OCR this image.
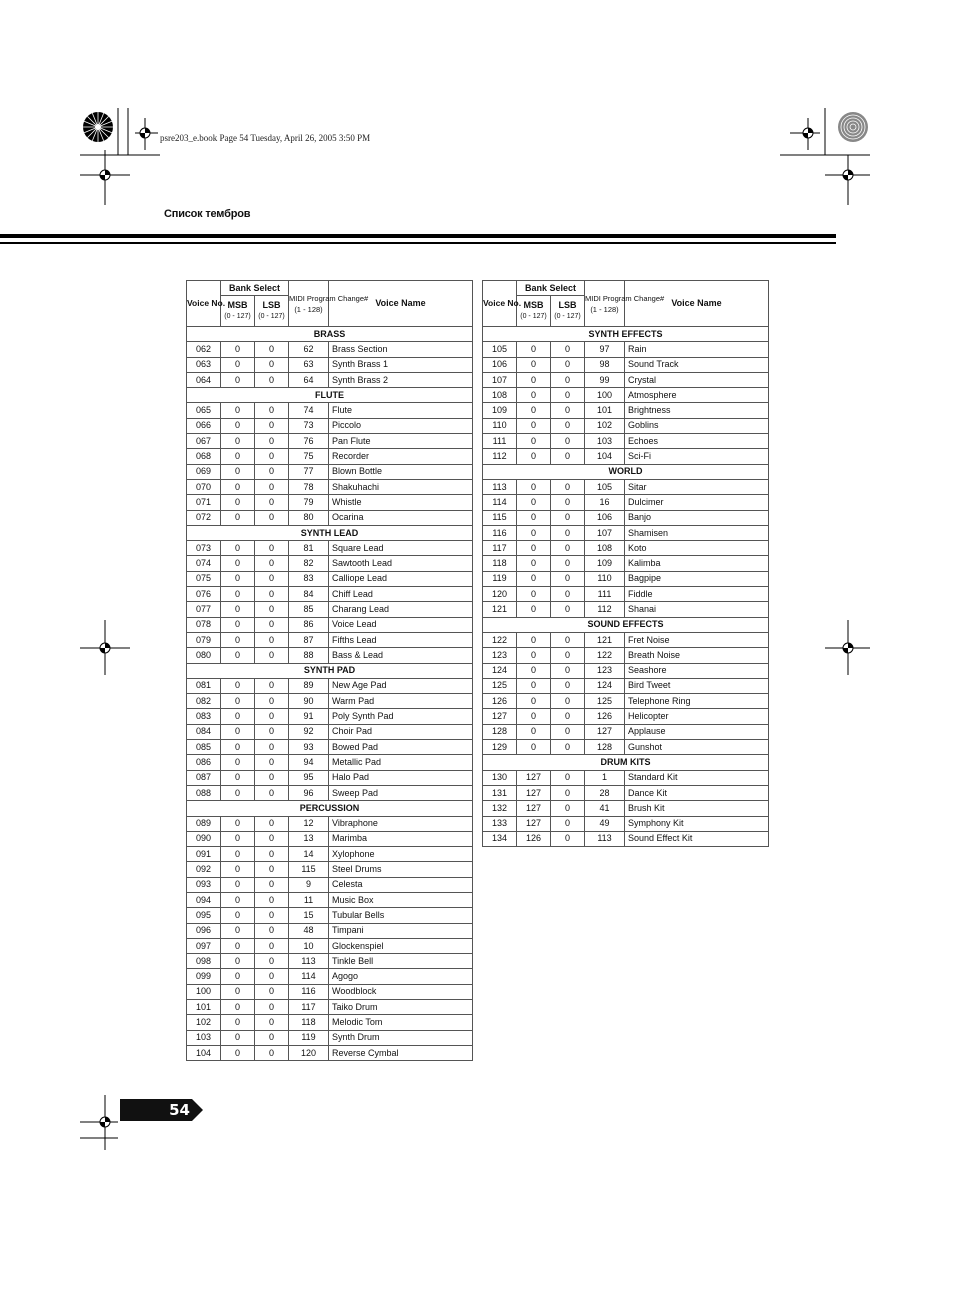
psre203_e.book Page 54 Tuesday, April 26, 2005 3:50 PM
Список тембров
Voice No.	Bank Select		MIDI Program Change#
(1 - 128)	Voice Name
	MSB
(0 - 127)	LSB
(0 - 127)		
BRASS				
062	0	0	62	Brass Section
063	0	0	63	Synth Brass 1
064	0	0	64	Synth Brass 2
FLUTE				
065	0	0	74	Flute
066	0	0	73	Piccolo
067	0	0	76	Pan Flute
068	0	0	75	Recorder
069	0	0	77	Blown Bottle
070	0	0	78	Shakuhachi
071	0	0	79	Whistle
072	0	0	80	Ocarina
SYNTH LEAD				
073	0	0	81	Square Lead
074	0	0	82	Sawtooth Lead
075	0	0	83	Calliope Lead
076	0	0	84	Chiff Lead
077	0	0	85	Charang Lead
078	0	0	86	Voice Lead
079	0	0	87	Fifths Lead
080	0	0	88	Bass & Lead
SYNTH PAD				
081	0	0	89	New Age Pad
082	0	0	90	Warm Pad
083	0	0	91	Poly Synth Pad
084	0	0	92	Choir Pad
085	0	0	93	Bowed Pad
086	0	0	94	Metallic Pad
087	0	0	95	Halo Pad
088	0	0	96	Sweep Pad
PERCUSSION				
089	0	0	12	Vibraphone
090	0	0	13	Marimba
091	0	0	14	Xylophone
092	0	0	115	Steel Drums
093	0	0	9	Celesta
094	0	0	11	Music Box
095	0	0	15	Tubular Bells
096	0	0	48	Timpani
097	0	0	10	Glockenspiel
098	0	0	113	Tinkle Bell
099	0	0	114	Agogo
100	0	0	116	Woodblock
101	0	0	117	Taiko Drum
102	0	0	118	Melodic Tom
103	0	0	119	Synth Drum
104	0	0	120	Reverse Cymbal
Voice No.	Bank Select		MIDI Program Change#
(1 - 128)	Voice Name
	MSB
(0 - 127)	LSB
(0 - 127)		
SYNTH EFFECTS				
105	0	0	97	Rain
106	0	0	98	Sound Track
107	0	0	99	Crystal
108	0	0	100	Atmosphere
109	0	0	101	Brightness
110	0	0	102	Goblins
111	0	0	103	Echoes
112	0	0	104	Sci-Fi
WORLD				
113	0	0	105	Sitar
114	0	0	16	Dulcimer
115	0	0	106	Banjo
116	0	0	107	Shamisen
117	0	0	108	Koto
118	0	0	109	Kalimba
119	0	0	110	Bagpipe
120	0	0	111	Fiddle
121	0	0	112	Shanai
SOUND EFFECTS				
122	0	0	121	Fret Noise
123	0	0	122	Breath Noise
124	0	0	123	Seashore
125	0	0	124	Bird Tweet
126	0	0	125	Telephone Ring
127	0	0	126	Helicopter
128	0	0	127	Applause
129	0	0	128	Gunshot
DRUM KITS				
130	127	0	1	Standard Kit
131	127	0	28	Dance Kit
132	127	0	41	Brush Kit
133	127	0	49	Symphony Kit
134	126	0	113	Sound Effect Kit
54
